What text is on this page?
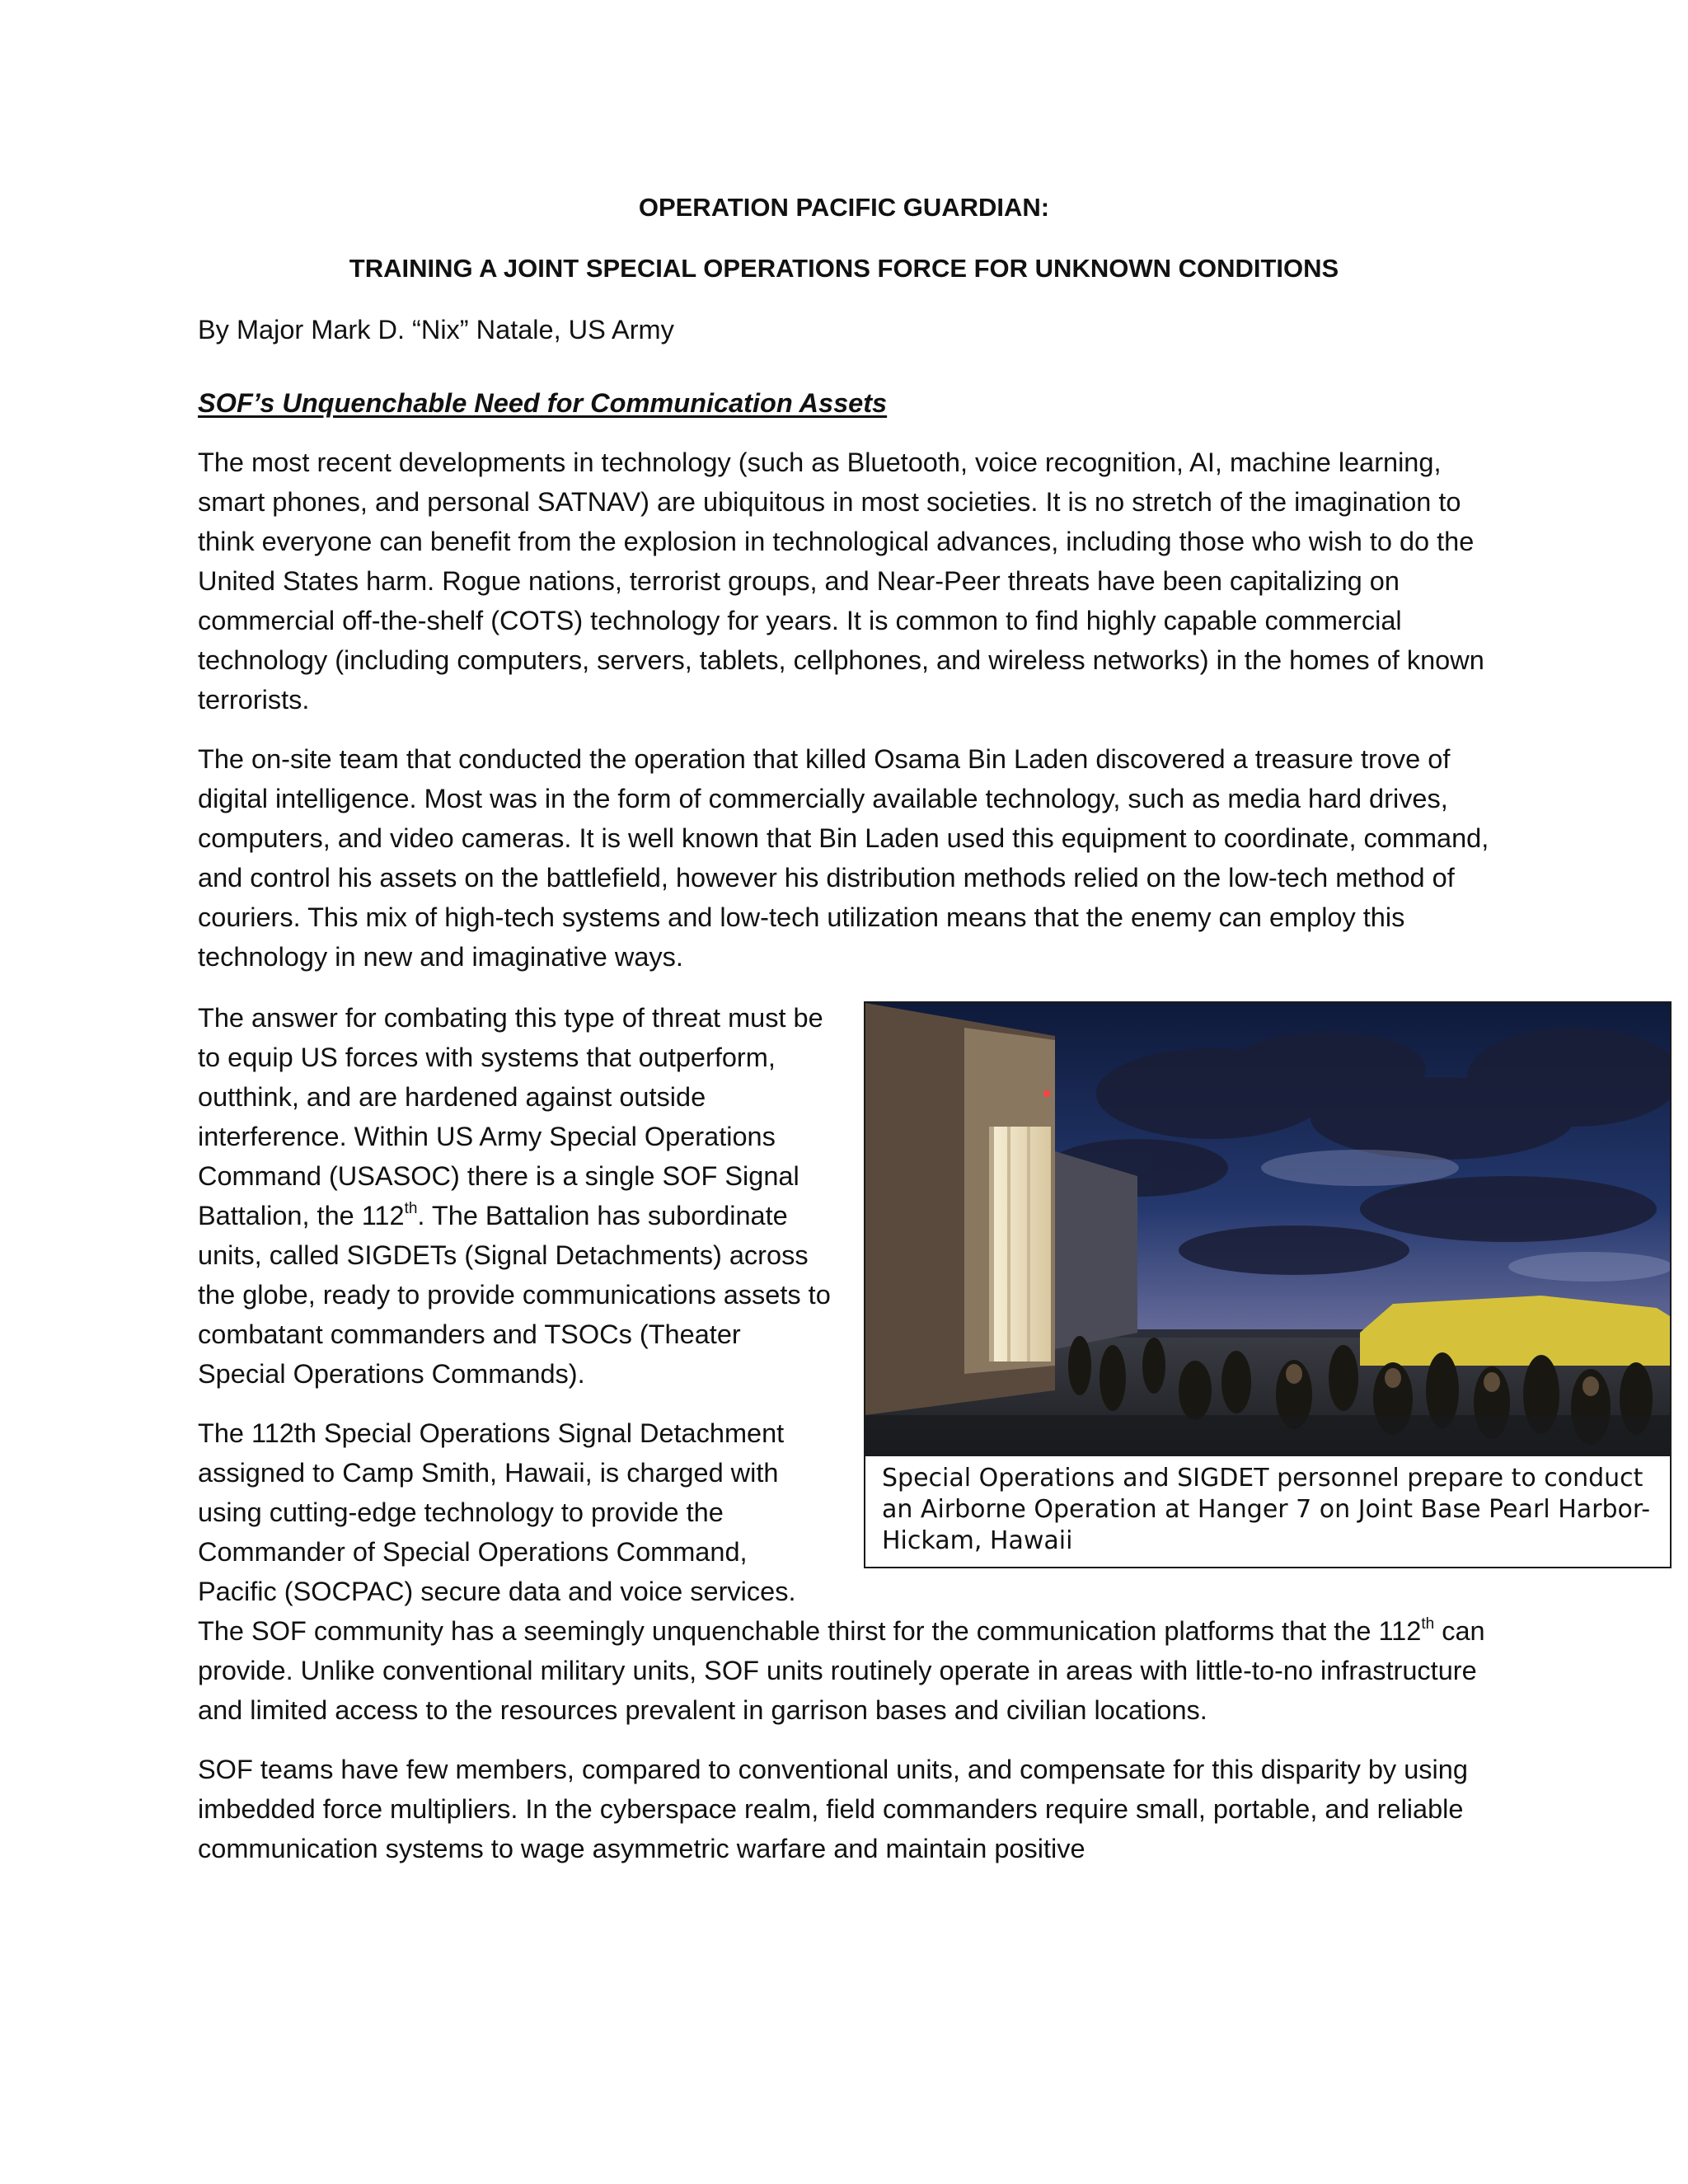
OPERATION PACIFIC GUARDIAN:

TRAINING A JOINT SPECIAL OPERATIONS FORCE FOR UNKNOWN CONDITIONS

By Major Mark D. “Nix” Natale, US Army

SOF’s Unquenchable Need for Communication Assets

The most recent developments in technology (such as Bluetooth, voice recognition, AI, machine learning, smart phones, and personal SATNAV) are ubiquitous in most societies. It is no stretch of the imagination to think everyone can benefit from the explosion in technological advances, including those who wish to do the United States harm. Rogue nations, terrorist groups, and Near-Peer threats have been capitalizing on commercial off-the-shelf (COTS) technology for years. It is common to find highly capable commercial technology (including computers, servers, tablets, cellphones, and wireless networks) in the homes of known terrorists.

The on-site team that conducted the operation that killed Osama Bin Laden discovered a treasure trove of digital intelligence. Most was in the form of commercially available technology, such as media hard drives, computers, and video cameras. It is well known that Bin Laden used this equipment to coordinate, command, and control his assets on the battlefield, however his distribution methods relied on the low-tech method of couriers. This mix of high-tech systems and low-tech utilization means that the enemy can employ this technology in new and imaginative ways.

Special Operations and SIGDET personnel prepare to conduct an Airborne Operation at Hanger 7 on Joint Base Pearl Harbor-Hickam, Hawaii

The answer for combating this type of threat must be to equip US forces with systems that outperform, outthink, and are hardened against outside interference. Within US Army Special Operations Command (USASOC) there is a single SOF Signal Battalion, the 112th. The Battalion has subordinate units, called SIGDETs (Signal Detachments) across the globe, ready to provide communications assets to combatant commanders and TSOCs (Theater Special Operations Commands).

The 112th Special Operations Signal Detachment assigned to Camp Smith, Hawaii, is charged with using cutting-edge technology to provide the Commander of Special Operations Command, Pacific (SOCPAC) secure data and voice services. The SOF community has a seemingly unquenchable thirst for the communication platforms that the 112th can provide. Unlike conventional military units, SOF units routinely operate in areas with little-to-no infrastructure and limited access to the resources prevalent in garrison bases and civilian locations.

SOF teams have few members, compared to conventional units, and compensate for this disparity by using imbedded force multipliers. In the cyberspace realm, field commanders require small, portable, and reliable communication systems to wage asymmetric warfare and maintain positive
